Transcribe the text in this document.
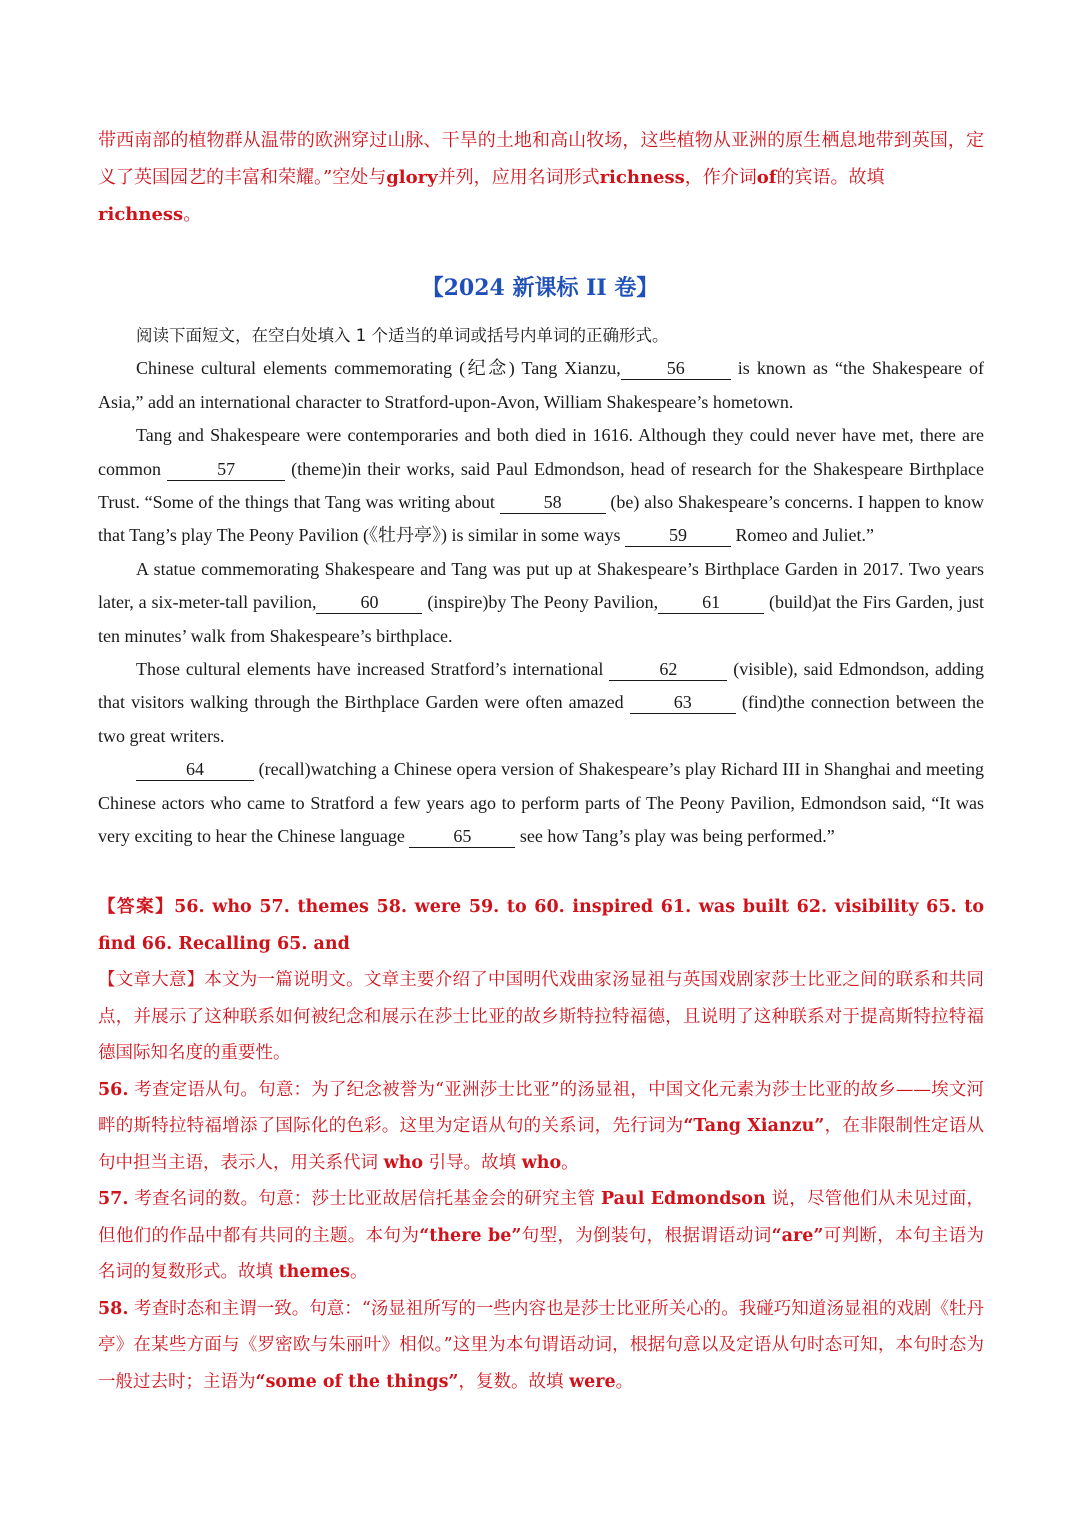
带西南部的植物群从温带的欧洲穿过山脉、干旱的土地和高山牧场，这些植物从亚洲的原生栖息地带到英国，定义了英国园艺的丰富和荣耀。”空处与glory并列，应用名词形式richness，作介词of的宾语。故填
richness。
【2024 新课标 II 卷】

阅读下面短文，在空白处填入 1 个适当的单词或括号内单词的正确形式。

Chinese cultural elements commemorating (纪念) Tang Xianzu,	56	is known as “the Shakespeare of Asia,” add an international character to Stratford-upon-Avon, William Shakespeare’s hometown.

Tang and Shakespeare were contemporaries and both died in 1616. Although they could never have met, there are common	57	(theme)in their works, said Paul Edmondson, head of research for the Shakespeare Birthplace Trust. “Some of the things that Tang was writing about 58 (be) also Shakespeare’s concerns. I happen to know that Tang’s play The Peony Pavilion (《牡丹亭》) is similar in some ways 59 Romeo and Juliet.”

A statue commemorating Shakespeare and Tang was put up at Shakespeare’s Birthplace Garden in 2017. Two years later, a six-meter-tall pavilion, 60 (inspire)by The Peony Pavilion, 61 (build)at the Firs Garden, just ten minutes’ walk from Shakespeare’s birthplace.

Those cultural elements have increased Stratford’s international	62	(visible), said Edmondson, adding that visitors walking through the Birthplace Garden were often amazed 63 (find)the connection between the two great writers.

64	(recall)watching a Chinese opera version of Shakespeare’s play Richard III in Shanghai and meeting Chinese actors who came to Stratford a few years ago to perform parts of The Peony Pavilion, Edmondson said, “It was very exciting to hear the Chinese language 65 see how Tang’s play was being performed.”

【答案】56. who 57. themes 58. were 59. to 60. inspired 61. was built 62. visibility 65. to find 66. Recalling 65. and

【文章大意】本文为一篇说明文。文章主要介绍了中国明代戏曲家汤显祖与英国戏剧家莎士比亚之间的联系和共同点，并展示了这种联系如何被纪念和展示在莎士比亚的故乡斯特拉特福德，且说明了这种联系对于提高斯特拉特福德国际知名度的重要性。

56. 考查定语从句。句意：为了纪念被誉为“亚洲莎士比亚”的汤显祖，中国文化元素为莎士比亚的故乡——埃文河畔的斯特拉特福增添了国际化的色彩。这里为定语从句的关系词，先行词为“Tang Xianzu”，在非限制性定语从句中担当主语，表示人，用关系代词 who 引导。故填 who。

57. 考查名词的数。句意：莎士比亚故居信托基金会的研究主管 Paul Edmondson 说，尽管他们从未见过面，但他们的作品中都有共同的主题。本句为“there be”句型，为倒装句，根据谓语动词“are”可判断，本句主语为名词的复数形式。故填 themes。

58. 考查时态和主谓一致。句意：“汤显祖所写的一些内容也是莎士比亚所关心的。我碰巧知道汤显祖的戏剧《牡丹亭》在某些方面与《罗密欧与朱丽叶》相似。”这里为本句谓语动词，根据句意以及定语从句时态可知，本句时态为一般过去时；主语为“some of the things”，复数。故填 were。
